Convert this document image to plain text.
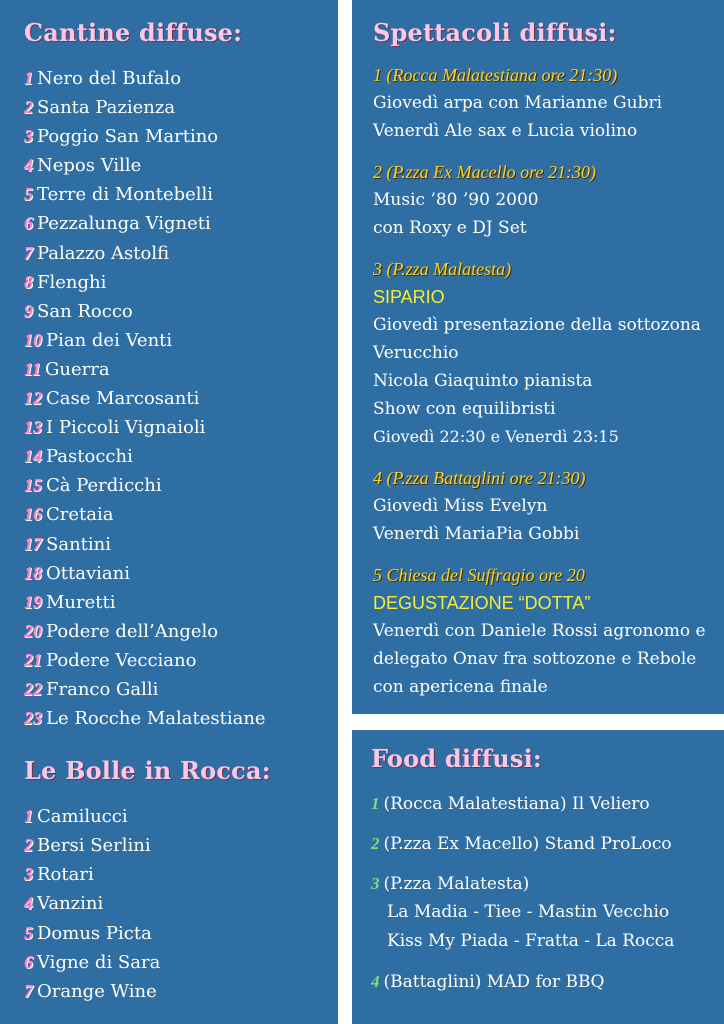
Cantine diffuse:
1 Nero del Bufalo
2 Santa Pazienza
3 Poggio San Martino
4 Nepos Ville
5 Terre di Montebelli
6 Pezzalunga Vigneti
7 Palazzo Astolfi
8 Flenghi
9 San Rocco
10 Pian dei Venti
11 Guerra
12 Case Marcosanti
13 I Piccoli Vignaioli
14 Pastocchi
15 Cà Perdicchi
16 Cretaia
17 Santini
18 Ottaviani
19 Muretti
20 Podere dell’Angelo
21 Podere Vecciano
22 Franco Galli
23 Le Rocche Malatestiane
Le Bolle in Rocca:
1 Camilucci
2 Bersi Serlini
3 Rotari
4 Vanzini
5 Domus Picta
6 Vigne di Sara
7 Orange Wine
Spettacoli diffusi:
1 (Rocca Malatestiana ore 21:30)
Giovedì arpa con Marianne Gubri
Venerdì Ale sax e Lucia violino
2 (P.zza Ex Macello ore 21:30)
Music ’80 ’90 2000
con Roxy e DJ Set
3 (P.zza Malatesta)
SIPARIO
Giovedì presentazione della sottozona
Verucchio
Nicola Giaquinto pianista
Show con equilibristi
Giovedì 22:30 e Venerdì 23:15
4 (P.zza Battaglini ore 21:30)
Giovedì Miss Evelyn
Venerdì MariaPia Gobbi
5 Chiesa del Suffragio ore 20
DEGUSTAZIONE “DOTTA”
Venerdì con Daniele Rossi agronomo e
delegato Onav fra sottozone e Rebole
con apericena finale
Food diffusi:
1 (Rocca Malatestiana) Il Veliero
2 (P.zza Ex Macello) Stand ProLoco
3 (P.zza Malatesta)
La Madia - Tiee - Mastin Vecchio
Kiss My Piada - Fratta - La Rocca
4 (Battaglini) MAD for BBQ
